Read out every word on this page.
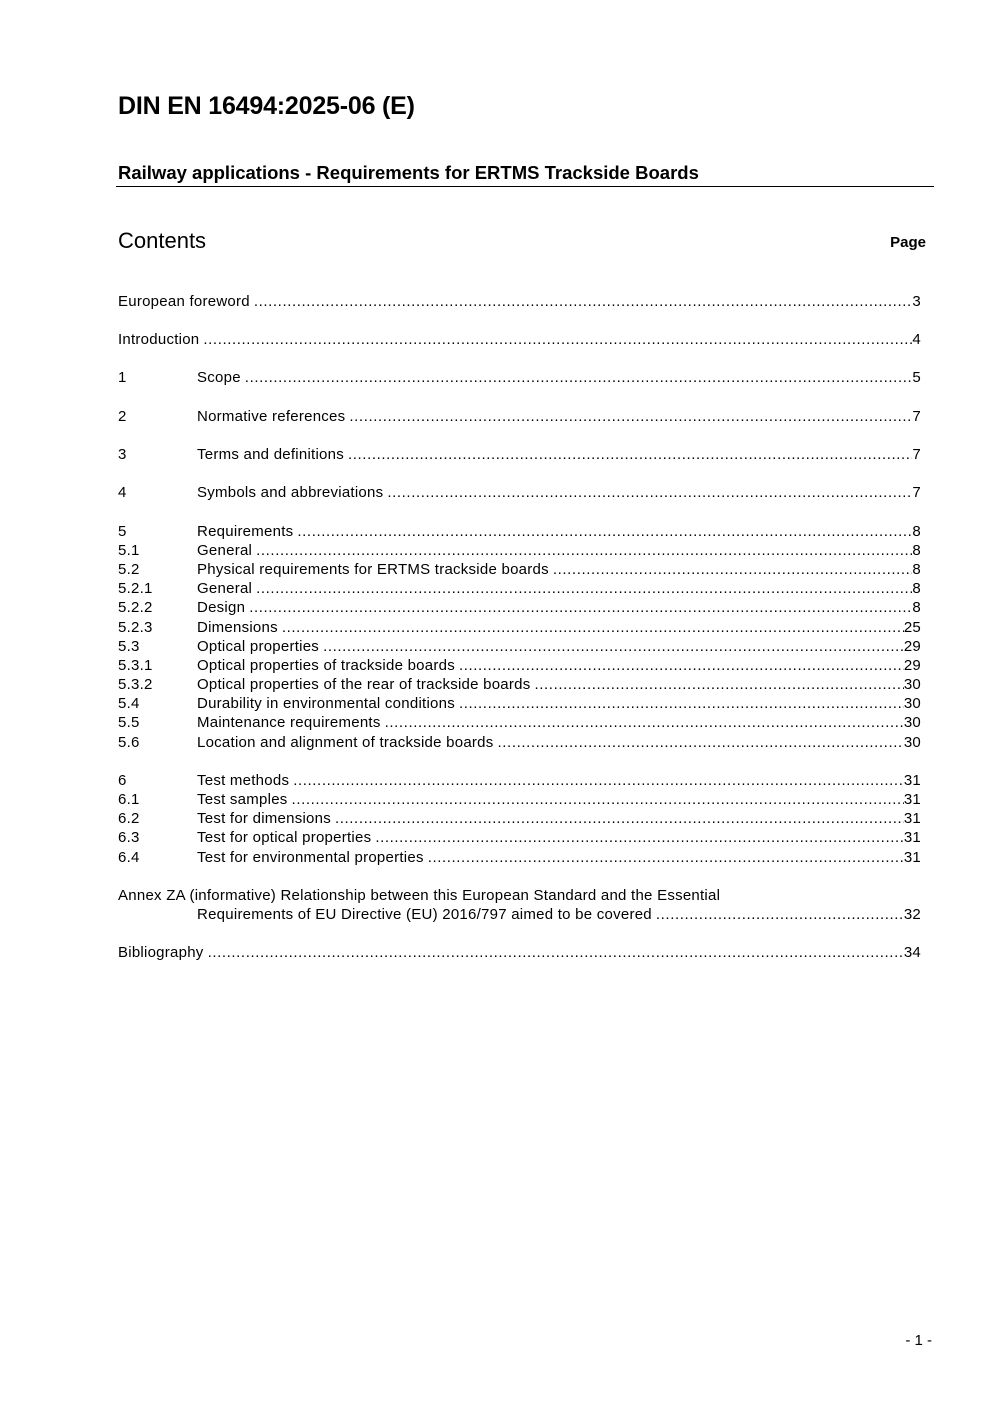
DIN EN 16494:2025-06 (E)
Railway applications - Requirements for ERTMS Trackside Boards
Contents	Page
European foreword .....	3
Introduction .....	4
1	Scope .....	5
2	Normative references .....	7
3	Terms and definitions .....	7
4	Symbols and abbreviations .....	7
5	Requirements .....	8
5.1	General .....	8
5.2	Physical requirements for ERTMS trackside boards .....	8
5.2.1	General .....	8
5.2.2	Design .....	8
5.2.3	Dimensions .....	25
5.3	Optical properties .....	29
5.3.1	Optical properties of trackside boards .....	29
5.3.2	Optical properties of the rear of trackside boards .....	30
5.4	Durability in environmental conditions .....	30
5.5	Maintenance requirements .....	30
5.6	Location and alignment of trackside boards .....	30
6	Test methods .....	31
6.1	Test samples .....	31
6.2	Test for dimensions .....	31
6.3	Test for optical properties .....	31
6.4	Test for environmental properties .....	31
Annex ZA (informative) Relationship between this European Standard and the Essential
Requirements of EU Directive (EU) 2016/797 aimed to be covered .....	32
Bibliography .....	34
- 1 -
